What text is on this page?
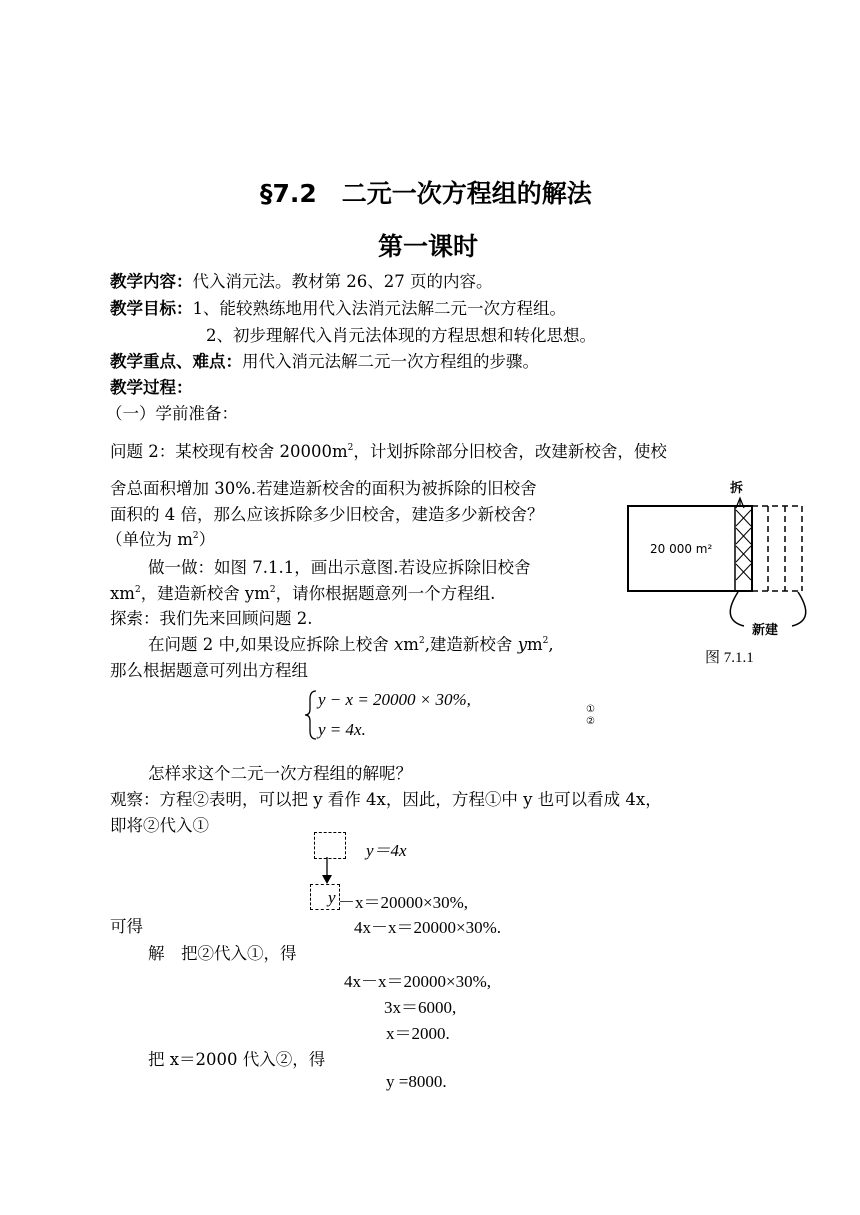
§7.2　二元一次方程组的解法
第一课时
教学内容：代入消元法。教材第 26、27 页的内容。
教学目标：1、能较熟练地用代入法消元法解二元一次方程组。
2、初步理解代入肖元法体现的方程思想和转化思想。
教学重点、难点：用代入消元法解二元一次方程组的步骤。
教学过程：
（一）学前准备：
问题 2：某校现有校舍 $20000m^2$，计划拆除部分旧校舍，改建新校舍，使校
舍总面积增加 30%.若建造新校舍的面积为被拆除的旧校舍
面积的 4 倍，那么应该拆除多少旧校舍，建造多少新校舍？
（单位为 $m^2$）
做一做：如图 7.1.1，画出示意图.若设应拆除旧校舍
$xm^2$，建造新校舍 $ym^2$，请你根据题意列一个方程组.
探索：我们先来回顾问题 2.
在问题 2 中,如果设应拆除上校舍 $xm^2$,建造新校舍 $ym^2$,
那么根据题意可列出方程组
拆
20 000 m²
新建
图 7.1.1
y − x = 20000 × 30%,
y = 4x.
①
②
怎样求这个二元一次方程组的解呢？
观察：方程②表明，可以把 y 看作 4x，因此，方程①中 y 也可以看成 4x，
即将②代入①
y＝4x
y －x＝20000×30%,
可得	4x－x＝20000×30%.
解　把②代入①，得
4x－x＝20000×30%,
3x＝6000,
x＝2000.
把 x＝2000 代入②，得
y =8000.
